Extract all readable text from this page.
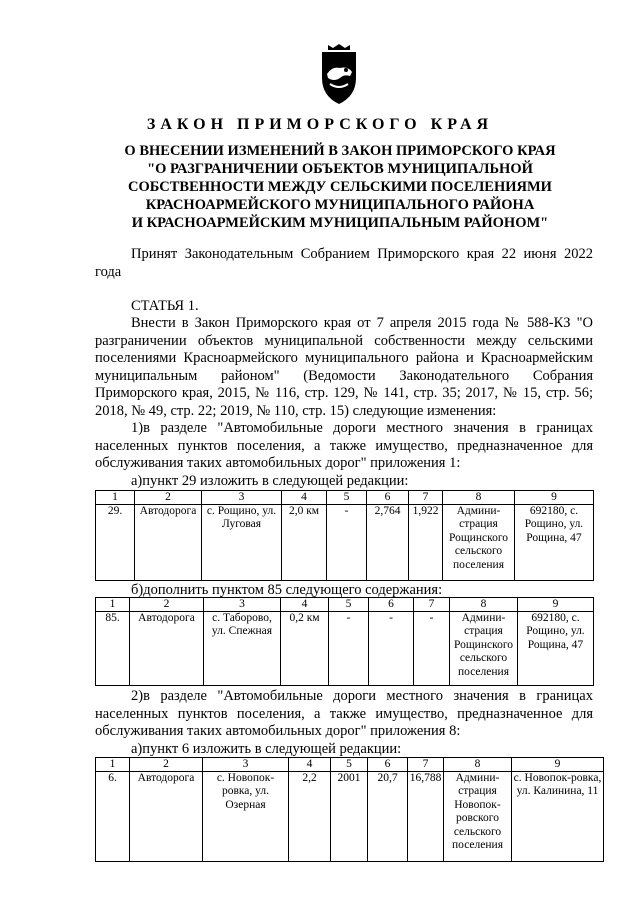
ЗАКОН ПРИМОРСКОГО КРАЯ
О ВНЕСЕНИИ ИЗМЕНЕНИЙ В ЗАКОН ПРИМОРСКОГО КРАЯ
"О РАЗГРАНИЧЕНИИ ОБЪЕКТОВ МУНИЦИПАЛЬНОЙ
СОБСТВЕННОСТИ МЕЖДУ СЕЛЬСКИМИ ПОСЕЛЕНИЯМИ
КРАСНОАРМЕЙСКОГО МУНИЦИПАЛЬНОГО РАЙОНА
И КРАСНОАРМЕЙСКИМ МУНИЦИПАЛЬНЫМ РАЙОНОМ"
Принят Законодательным Собранием Приморского края 22 июня 2022 года
СТАТЬЯ 1.
Внести в Закон Приморского края от 7 апреля 2015 года № 588-КЗ "О разграничении объектов муниципальной собственности между сельскими поселениями Красноармейского муниципального района и Красноармейским муниципальным районом" (Ведомости Законодательного Собрания Приморского края, 2015, № 116, стр. 129, № 141, стр. 35; 2017, № 15, стр. 56; 2018, № 49, стр. 22; 2019, № 110, стр. 15) следующие изменения:
1)в разделе "Автомобильные дороги местного значения в границах населенных пунктов поселения, а также имущество, предназначенное для обслуживания таких автомобильных дорог" приложения 1:
а)пункт 29 изложить в следующей редакции:
1	2	3	4	5	6	7	8	9
29.	Автодорога	с. Рощино, ул. Луговая	2,0 км	-	2,764	1,922	Админи-страция Рощинского сельского поселения	692180, с. Рощино, ул. Рощина, 47
б)дополнить пунктом 85 следующего содержания:
1	2	3	4	5	6	7	8	9
85.	Автодорога	с. Таборово, ул. Спежная	0,2 км	-	-	-	Админи-страция Рощинского сельского поселения	692180, с. Рощино, ул. Рощина, 47
2)в разделе "Автомобильные дороги местного значения в границах населенных пунктов поселения, а также имущество, предназначенное для обслуживания таких автомобильных дорог" приложения 8:
а)пункт 6 изложить в следующей редакции:
1	2	3	4	5	6	7	8	9
6.	Автодорога	с. Новопок-ровка, ул. Озерная	2,2	2001	20,7	16,788	Админи-страция Новопок-ровского сельского поселения	с. Новопок-ровка, ул. Калинина, 11
